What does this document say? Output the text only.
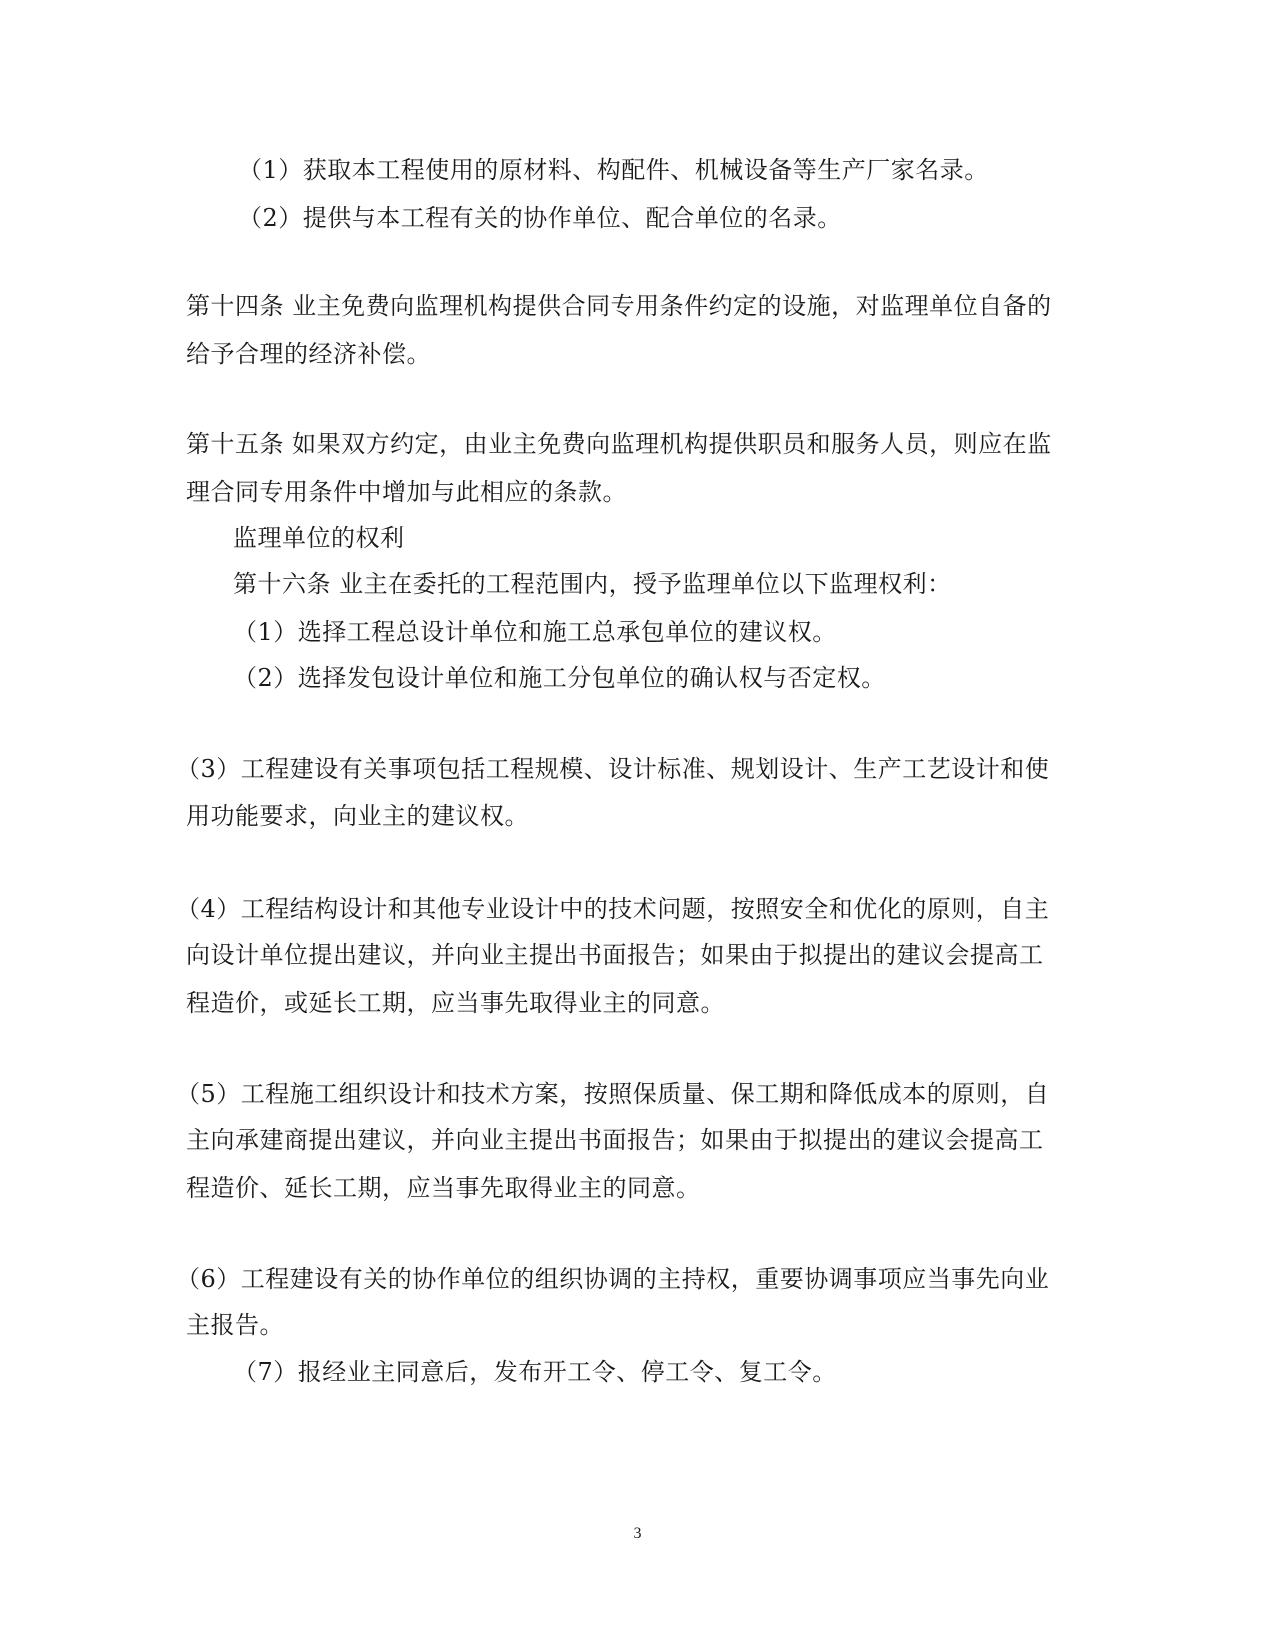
（1）获取本工程使用的原材料、构配件、机械设备等生产厂家名录。
（2）提供与本工程有关的协作单位、配合单位的名录。
第十四条 业主免费向监理机构提供合同专用条件约定的设施，对监理单位自备的
给予合理的经济补偿。
第十五条 如果双方约定，由业主免费向监理机构提供职员和服务人员，则应在监
理合同专用条件中增加与此相应的条款。
监理单位的权利
第十六条 业主在委托的工程范围内，授予监理单位以下监理权利：
（1）选择工程总设计单位和施工总承包单位的建议权。
（2）选择发包设计单位和施工分包单位的确认权与否定权。
（3）工程建设有关事项包括工程规模、设计标准、规划设计、生产工艺设计和使
用功能要求，向业主的建议权。
（4）工程结构设计和其他专业设计中的技术问题，按照安全和优化的原则，自主
向设计单位提出建议，并向业主提出书面报告；如果由于拟提出的建议会提高工
程造价，或延长工期，应当事先取得业主的同意。
（5）工程施工组织设计和技术方案，按照保质量、保工期和降低成本的原则，自
主向承建商提出建议，并向业主提出书面报告；如果由于拟提出的建议会提高工
程造价、延长工期，应当事先取得业主的同意。
（6）工程建设有关的协作单位的组织协调的主持权，重要协调事项应当事先向业
主报告。
（7）报经业主同意后，发布开工令、停工令、复工令。
3
